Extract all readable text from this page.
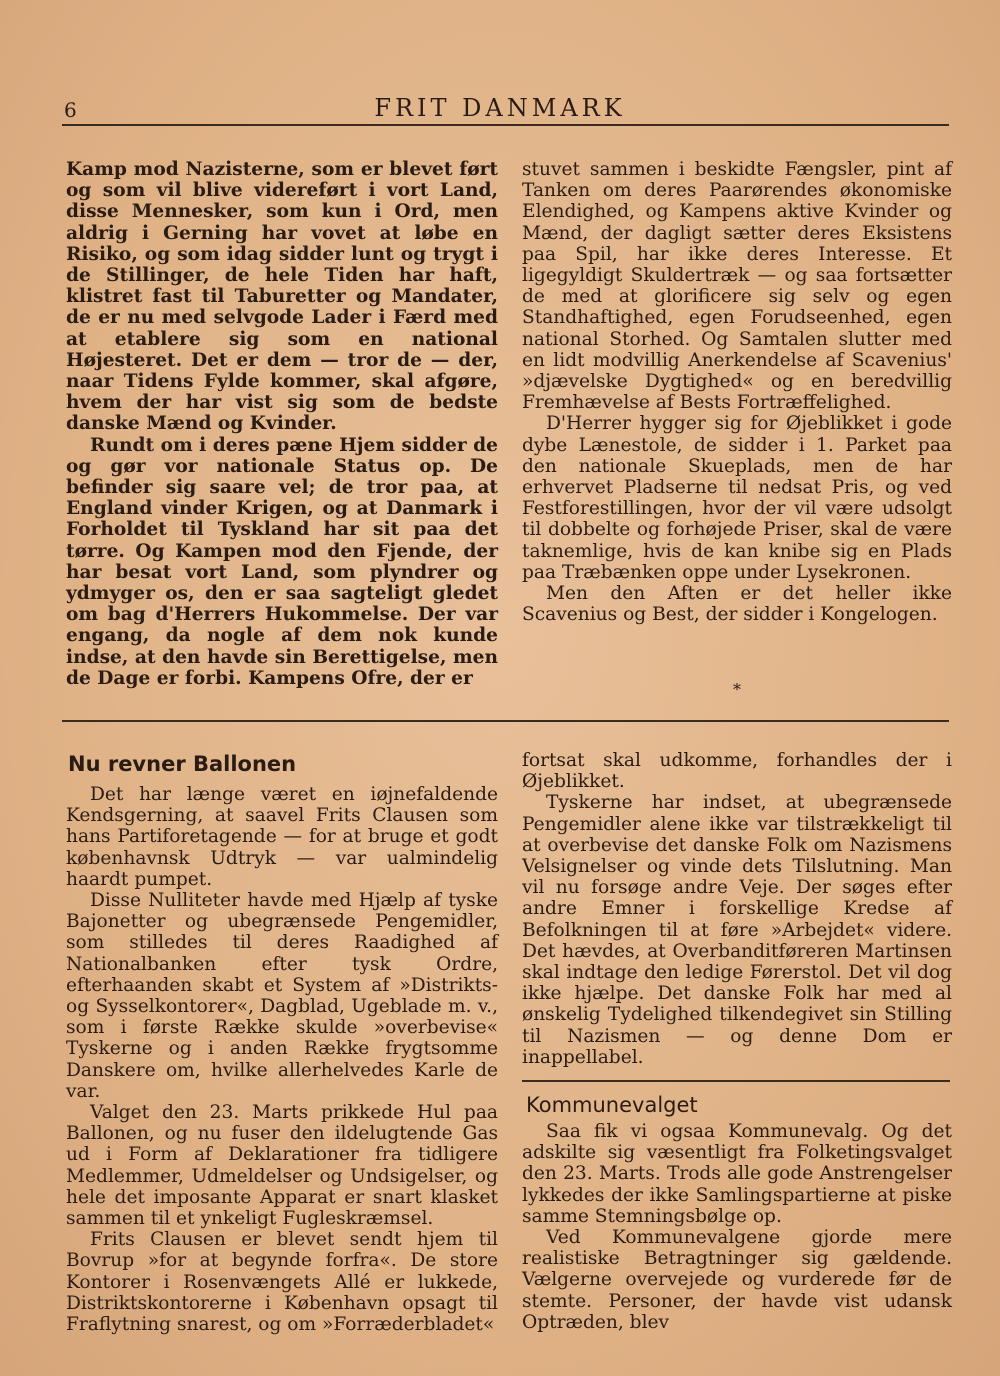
6	FRIT DANMARK

Kamp mod Nazisterne, som er blevet ført og som vil blive videreført i vort Land, disse Mennesker, som kun i Ord, men aldrig i Gerning har vovet at løbe en Risiko, og som idag sidder lunt og trygt i de Stillinger, de hele Tiden har haft, klistret fast til Taburetter og Mandater, de er nu med selvgode Lader i Færd med at etablere sig som en national Højesteret. Det er dem — tror de — der, naar Tidens Fylde kommer, skal afgøre, hvem der har vist sig som de bedste danske Mænd og Kvinder.

Rundt om i deres pæne Hjem sidder de og gør vor nationale Status op. De befinder sig saare vel; de tror paa, at England vinder Krigen, og at Danmark i Forholdet til Tyskland har sit paa det tørre. Og Kampen mod den Fjende, der har besat vort Land, som plyndrer og ydmyger os, den er saa sagteligt gledet om bag d'Herrers Hukommelse. Der var engang, da nogle af dem nok kunde indse, at den havde sin Berettigelse, men de Dage er forbi. Kampens Ofre, der er

stuvet sammen i beskidte Fængsler, pint af Tanken om deres Paarørendes økonomiske Elendighed, og Kampens aktive Kvinder og Mænd, der dagligt sætter deres Eksistens paa Spil, har ikke deres Interesse. Et ligegyldigt Skuldertræk — og saa fortsætter de med at glorificere sig selv og egen Standhaftighed, egen Forudseenhed, egen national Storhed. Og Samtalen slutter med en lidt modvillig Anerkendelse af Scavenius' »djævelske Dygtighed« og en beredvillig Fremhævelse af Bests Fortræffelighed.

D'Herrer hygger sig for Øjeblikket i gode dybe Lænestole, de sidder i 1. Parket paa den nationale Skueplads, men de har erhvervet Pladserne til nedsat Pris, og ved Festforestillingen, hvor der vil være udsolgt til dobbelte og forhøjede Priser, skal de være taknemlige, hvis de kan knibe sig en Plads paa Træbænken oppe under Lysekronen.

Men den Aften er det heller ikke Scavenius og Best, der sidder i Kongelogen.

*
Nu revner Ballonen

Det har længe været en iøjnefaldende Kendsgerning, at saavel Frits Clausen som hans Partiforetagende — for at bruge et godt københavnsk Udtryk — var ualmindelig haardt pumpet.

Disse Nulliteter havde med Hjælp af tyske Bajonetter og ubegrænsede Pengemidler, som stilledes til deres Raadighed af Nationalbanken efter tysk Ordre, efterhaanden skabt et System af »Distrikts- og Sysselkontorer«, Dagblad, Ugeblade m. v., som i første Række skulde »overbevise« Tyskerne og i anden Række frygtsomme Danskere om, hvilke allerhelvedes Karle de var.

Valget den 23. Marts prikkede Hul paa Ballonen, og nu fuser den ildelugtende Gas ud i Form af Deklarationer fra tidligere Medlemmer, Udmeldelser og Undsigelser, og hele det imposante Apparat er snart klasket sammen til et ynkeligt Fugleskræmsel.

Frits Clausen er blevet sendt hjem til Bovrup »for at begynde forfra«. De store Kontorer i Rosenvængets Allé er lukkede, Distriktskontorerne i København opsagt til Fraflytning snarest, og om »Forræderbladet«

fortsat skal udkomme, forhandles der i Øjeblikket.

Tyskerne har indset, at ubegrænsede Pengemidler alene ikke var tilstrækkeligt til at overbevise det danske Folk om Nazismens Velsignelser og vinde dets Tilslutning. Man vil nu forsøge andre Veje. Der søges efter andre Emner i forskellige Kredse af Befolkningen til at føre »Arbejdet« videre. Det hævdes, at Overbanditføreren Martinsen skal indtage den ledige Førerstol. Det vil dog ikke hjælpe. Det danske Folk har med al ønskelig Tydelighed tilkendegivet sin Stilling til Nazismen — og denne Dom er inappellabel.

Kommunevalget

Saa fik vi ogsaa Kommunevalg. Og det adskilte sig væsentligt fra Folketingsvalget den 23. Marts. Trods alle gode Anstrengelser lykkedes der ikke Samlingspartierne at piske samme Stemningsbølge op.

Ved Kommunevalgene gjorde mere realistiske Betragtninger sig gældende. Vælgerne overvejede og vurderede før de stemte. Personer, der havde vist udansk Optræden, blev
